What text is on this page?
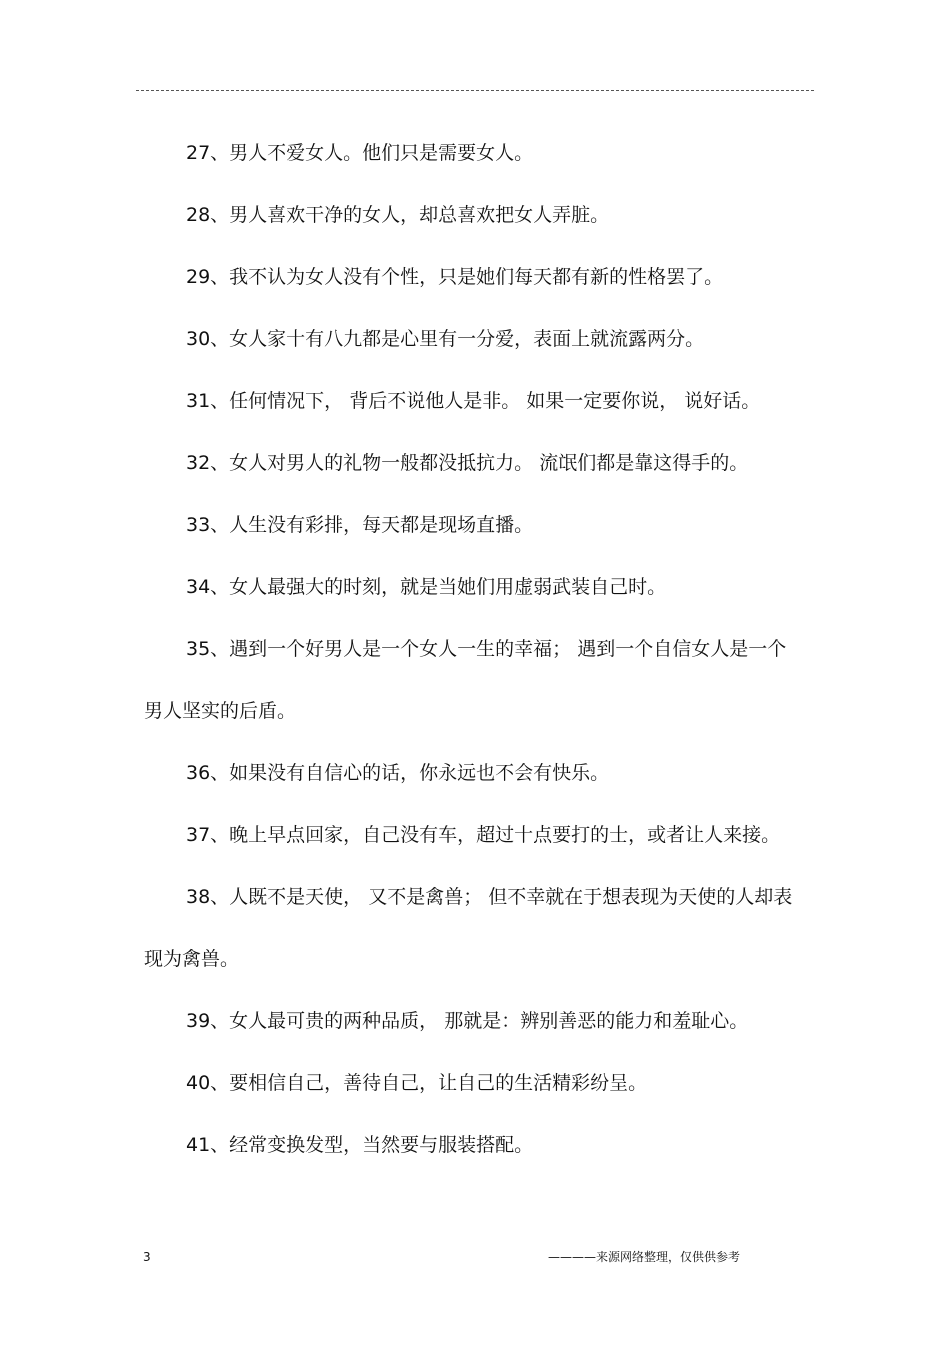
27、男人不爱女人。他们只是需要女人。

28、男人喜欢干净的女人，却总喜欢把女人弄脏。

29、我不认为女人没有个性，只是她们每天都有新的性格罢了。

30、女人家十有八九都是心里有一分爱，表面上就流露两分。

31、任何情况下， 背后不说他人是非。 如果一定要你说， 说好话。

32、女人对男人的礼物一般都没抵抗力。 流氓们都是靠这得手的。

33、人生没有彩排，每天都是现场直播。

34、女人最强大的时刻，就是当她们用虚弱武装自己时。

35、遇到一个好男人是一个女人一生的幸福； 遇到一个自信女人是一个男人坚实的后盾。

36、如果没有自信心的话，你永远也不会有快乐。

37、晚上早点回家，自己没有车，超过十点要打的士，或者让人来接。

38、人既不是天使， 又不是禽兽； 但不幸就在于想表现为天使的人却表现为禽兽。

39、女人最可贵的两种品质， 那就是：辨别善恶的能力和羞耻心。

40、要相信自己，善待自己，让自己的生活精彩纷呈。

41、经常变换发型，当然要与服装搭配。

3	————来源网络整理，仅供供参考
